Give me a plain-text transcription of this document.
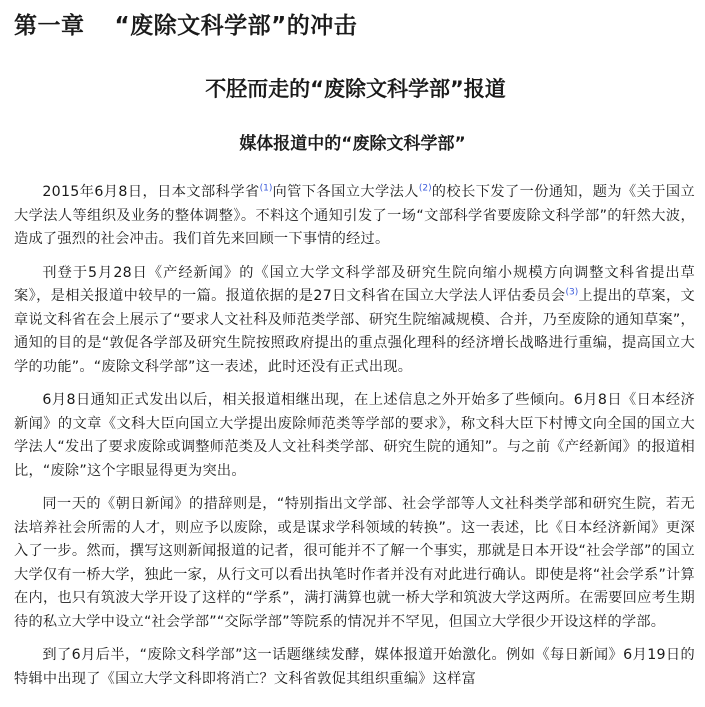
第一章 “废除文科学部”的冲击
不胫而走的“废除文科学部”报道
媒体报道中的“废除文科学部”

2015年6月8日，日本文部科学省$^{(1)}$向管下各国立大学法人$^{(2)}$的校长下发了一份通知，题为《关于国立大学法人等组织及业务的整体调整》。不料这个通知引发了一场“文部科学省要废除文科学部”的轩然大波，造成了强烈的社会冲击。我们首先来回顾一下事情的经过。

刊登于5月28日《产经新闻》的《国立大学文科学部及研究生院向缩小规模方向调整文科省提出草案》，是相关报道中较早的一篇。报道依据的是27日文科省在国立大学法人评估委员会$^{(3)}$上提出的草案，文章说文科省在会上展示了“要求人文社科及师范类学部、研究生院缩减规模、合并，乃至废除的通知草案”，通知的目的是“敦促各学部及研究生院按照政府提出的重点强化理科的经济增长战略进行重编，提高国立大学的功能”。“废除文科学部”这一表述，此时还没有正式出现。

6月8日通知正式发出以后，相关报道相继出现，在上述信息之外开始多了些倾向。6月8日《日本经济新闻》的文章《文科大臣向国立大学提出废除师范类等学部的要求》，称文科大臣下村博文向全国的国立大学法人“发出了要求废除或调整师范类及人文社科类学部、研究生院的通知”。与之前《产经新闻》的报道相比，“废除”这个字眼显得更为突出。

同一天的《朝日新闻》的措辞则是，“特别指出文学部、社会学部等人文社科类学部和研究生院，若无法培养社会所需的人才，则应予以废除，或是谋求学科领域的转换”。这一表述，比《日本经济新闻》更深入了一步。然而，撰写这则新闻报道的记者，很可能并不了解一个事实，那就是日本开设“社会学部”的国立大学仅有一桥大学，独此一家，从行文可以看出执笔时作者并没有对此进行确认。即使是将“社会学系”计算在内，也只有筑波大学开设了这样的“学系”，满打满算也就一桥大学和筑波大学这两所。在需要回应考生期待的私立大学中设立“社会学部”“交际学部”等院系的情况并不罕见，但国立大学很少开设这样的学部。

到了6月后半，“废除文科学部”这一话题继续发酵，媒体报道开始激化。例如《每日新闻》6月19日的特辑中出现了《国立大学文科即将消亡？文科省敦促其组织重编》这样富
